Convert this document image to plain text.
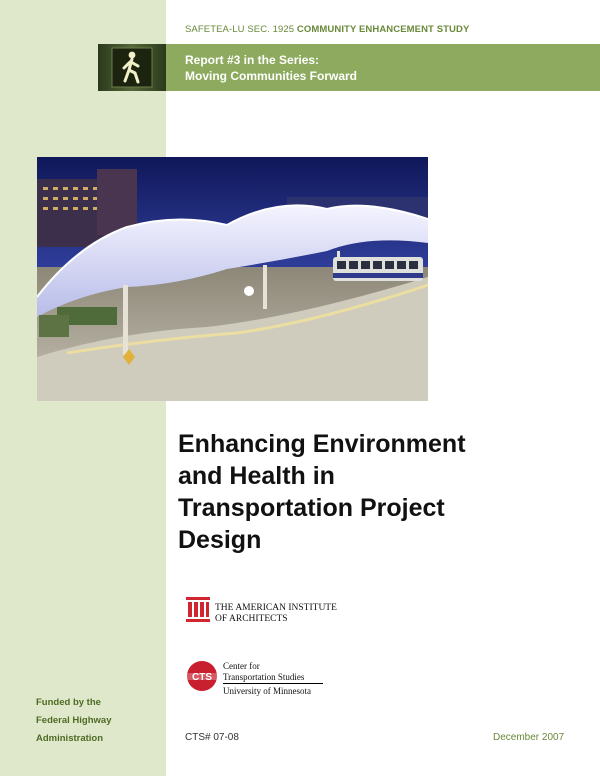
SAFETEA-LU SEC. 1925 COMMUNITY ENHANCEMENT STUDY
Report #3 in the Series:
Moving Communities Forward
Enhancing Environment
and Health in
Transportation Project
Design
THE AMERICAN INSTITUTE
OF ARCHITECTS
CTS
Center for
Transportation Studies
University of Minnesota
Funded by the
Federal Highway
Administration	CTS# 07-08	December 2007
